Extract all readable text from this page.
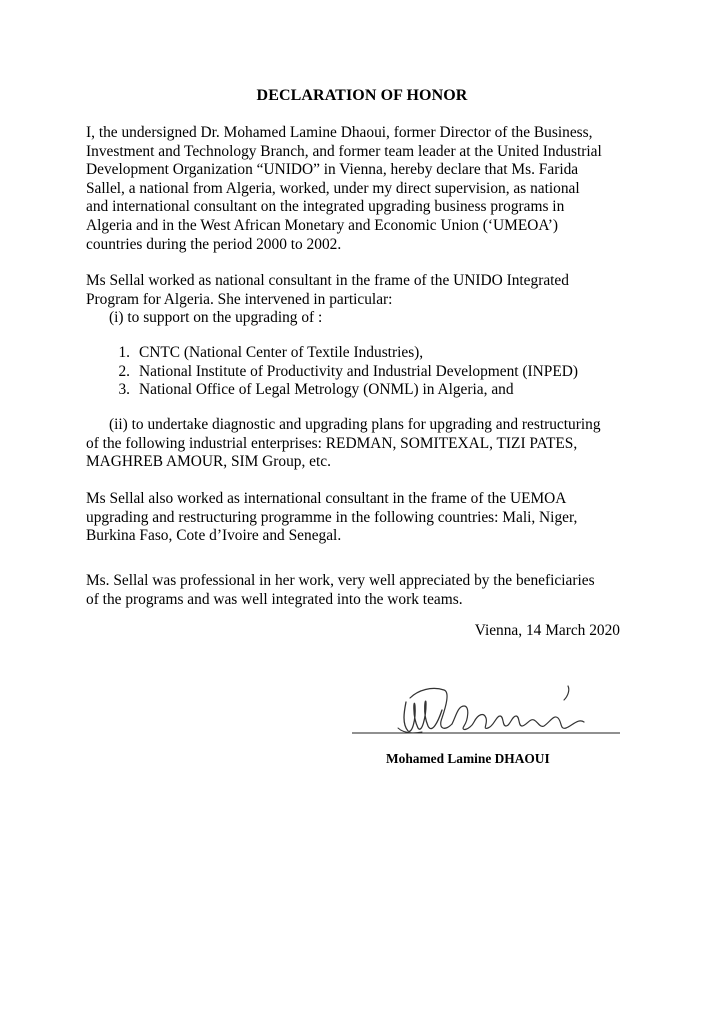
DECLARATION OF HONOR
I, the undersigned Dr. Mohamed Lamine Dhaoui, former Director of the Business,
Investment and Technology Branch, and former team leader at the United Industrial
Development Organization “UNIDO” in Vienna, hereby declare that Ms. Farida
Sallel, a national from Algeria, worked, under my direct supervision, as national
and international consultant on the integrated upgrading business programs in
Algeria and in the West African Monetary and Economic Union (‘UMEOA’)
countries during the period 2000 to 2002.
Ms Sellal worked as national consultant in the frame of the UNIDO Integrated
Program for Algeria. She intervened in particular:
(i) to support on the upgrading of :
1. CNTC (National Center of Textile Industries),
2. National Institute of Productivity and Industrial Development (INPED)
3. National Office of Legal Metrology (ONML) in Algeria, and
(ii) to undertake diagnostic and upgrading plans for upgrading and restructuring
of the following industrial enterprises: REDMAN, SOMITEXAL, TIZI PATES,
MAGHREB AMOUR, SIM Group, etc.
Ms Sellal also worked as international consultant in the frame of the UEMOA
upgrading and restructuring programme in the following countries: Mali, Niger,
Burkina Faso, Cote d’Ivoire and Senegal.
Ms. Sellal was professional in her work, very well appreciated by the beneficiaries
of the programs and was well integrated into the work teams.
Vienna, 14 March 2020
Mohamed Lamine DHAOUI
